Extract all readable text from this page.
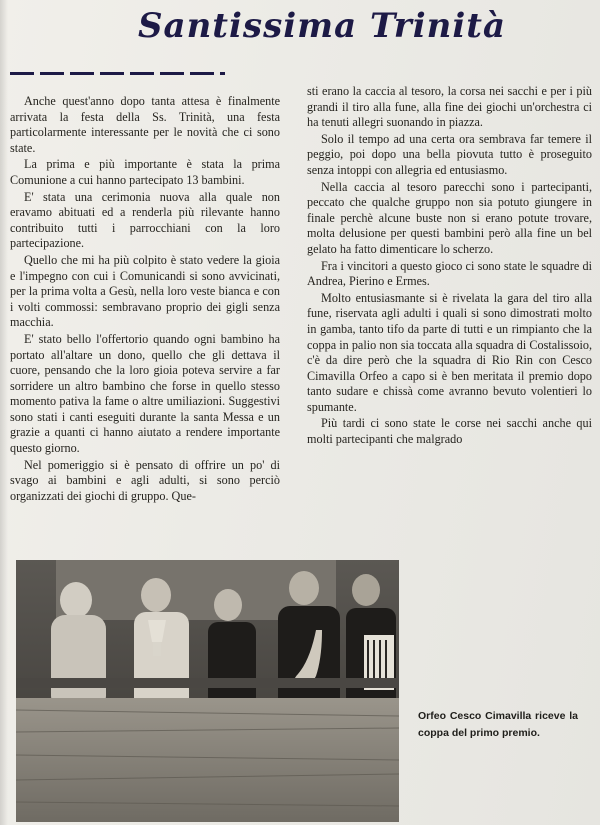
Santissima Trinità

Anche quest'anno dopo tanta attesa è finalmente arrivata la festa della Ss. Trinità, una festa particolarmente interessante per le novità che ci sono state.

La prima e più importante è stata la prima Comunione a cui hanno partecipato 13 bambini.

E' stata una cerimonia nuova alla quale non eravamo abituati ed a renderla più rilevante hanno contribuito tutti i parrocchiani con la loro partecipazione.

Quello che mi ha più colpito è stato vedere la gioia e l'impegno con cui i Comunicandi si sono avvicinati, per la prima volta a Gesù, nella loro veste bianca e con i volti commossi: sembravano proprio dei gigli senza macchia.

E' stato bello l'offertorio quando ogni bambino ha portato all'altare un dono, quello che gli dettava il cuore, pensando che la loro gioia poteva servire a far sorridere un altro bambino che forse in quello stesso momento pativa la fame o altre umiliazioni. Suggestivi sono stati i canti eseguiti durante la santa Messa e un grazie a quanti ci hanno aiutato a rendere importante questo giorno.

Nel pomeriggio si è pensato di offrire un po' di svago ai bambini e agli adulti, si sono perciò organizzati dei giochi di gruppo. Que-

sti erano la caccia al tesoro, la corsa nei sacchi e per i più grandi il tiro alla fune, alla fine dei giochi un'orchestra ci ha tenuti allegri suonando in piazza.

Solo il tempo ad una certa ora sembrava far temere il peggio, poi dopo una bella piovuta tutto è proseguito senza intoppi con allegria ed entusiasmo.

Nella caccia al tesoro parecchi sono i partecipanti, peccato che qualche gruppo non sia potuto giungere in finale perchè alcune buste non si erano potute trovare, molta delusione per questi bambini però alla fine un bel gelato ha fatto dimenticare lo scherzo.

Fra i vincitori a questo gioco ci sono state le squadre di Andrea, Pierino e Ermes.

Molto entusiasmante si è rivelata la gara del tiro alla fune, riservata agli adulti i quali si sono dimostrati molto in gamba, tanto tifo da parte di tutti e un rimpianto che la coppa in palio non sia toccata alla squadra di Costalissoio, c'è da dire però che la squadra di Rio Rin con Cesco Cimavilla Orfeo a capo si è ben meritata il premio dopo tanto sudare e chissà come avranno bevuto volentieri lo spumante.

Più tardi ci sono state le corse nei sacchi anche qui molti partecipanti che malgrado

Orfeo Cesco Cimavilla riceve la coppa del primo premio.
